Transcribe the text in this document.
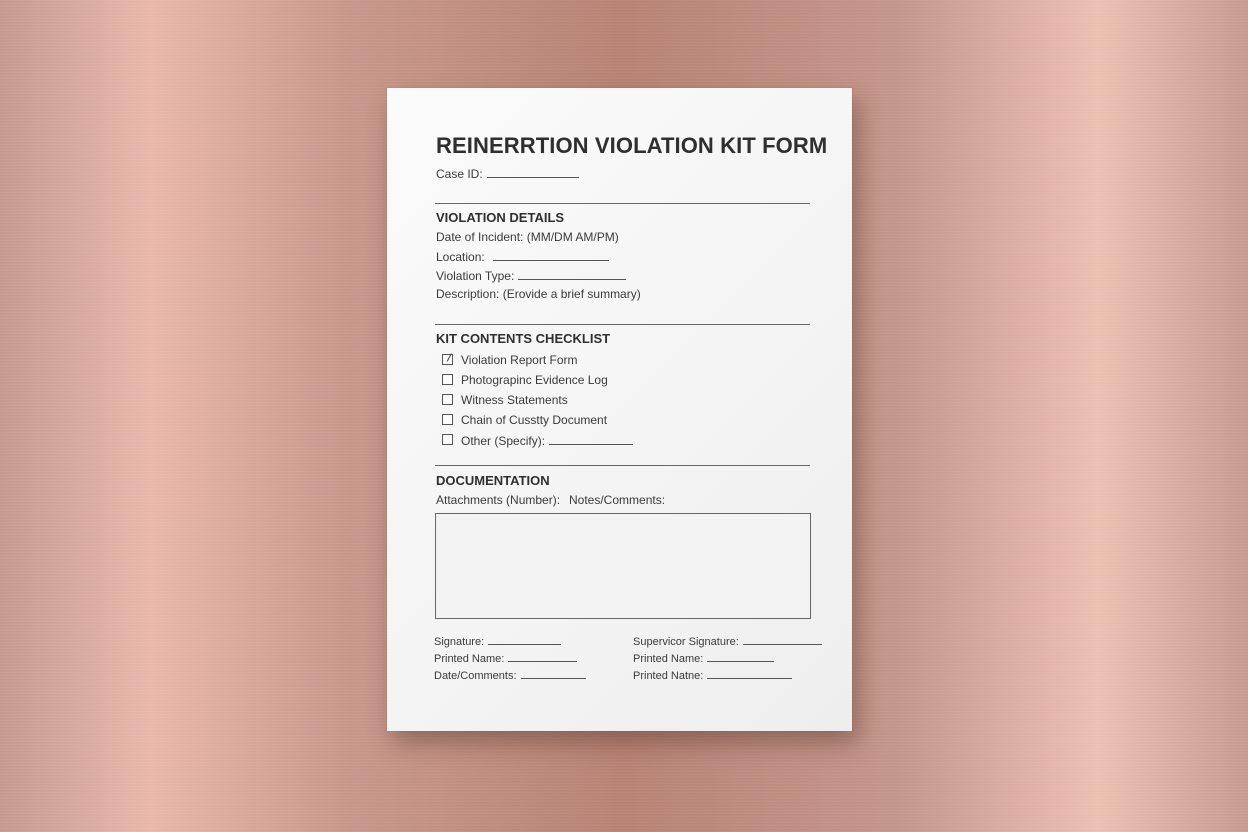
REINERRTION VIOLATION KIT FORM
Case ID:
VIOLATION DETAILS
Date of Incident: (MM/DM AM/PM)
Location:
Violation Type:
Description: (Erovide a brief summary)
KIT CONTENTS CHECKLIST
Violation Report Form
Photograpinc Evidence Log
Witness Statements
Chain of Cusstty Document
Other (Specify):
DOCUMENTATION
Attachments (Number): Notes/Comments:
Signature:
Printed Name:
Date/Comments:
Supervicor Signature:
Printed Name:
Printed Natne:
